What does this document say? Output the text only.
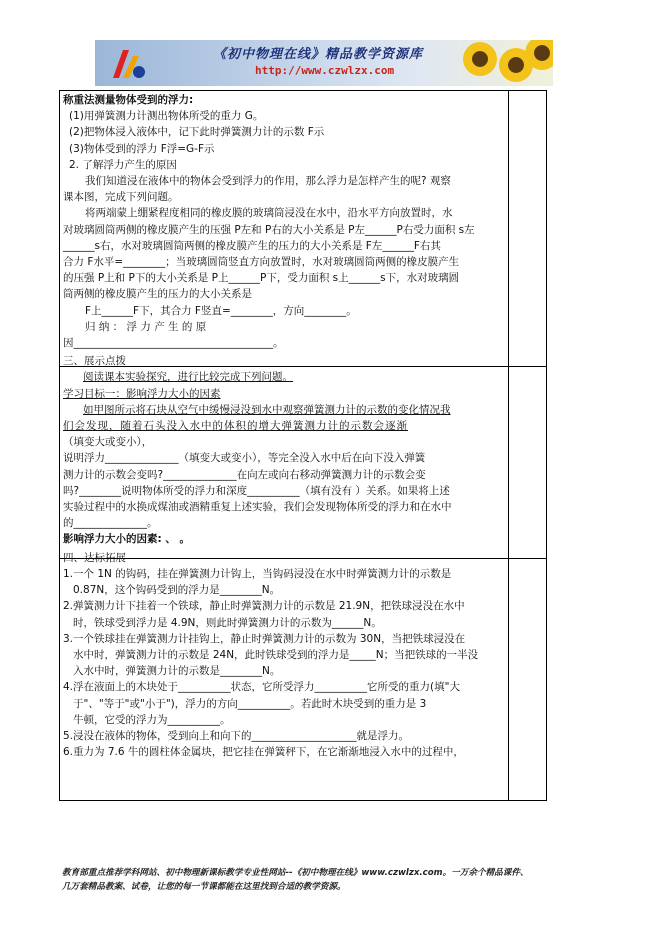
《初中物理在线》精品教学资源库
http://www.czwlzx.com

称重法测量物体受到的浮力:

(1)用弹簧测力计测出物体所受的重力 G。

(2)把物体浸入液体中，记下此时弹簧测力计的示数 F示

(3)物体受到的浮力 F浮=G-F示

2. 了解浮力产生的原因

我们知道浸在液体中的物体会受到浮力的作用，那么浮力是怎样产生的呢? 观察

课本图，完成下列问题。

将两端蒙上绷紧程度相同的橡皮膜的玻璃筒浸没在水中，沿水平方向放置时，水

对玻璃圆筒两侧的橡皮膜产生的压强 P左和 P右的大小关系是 P左______P右受力面积 s左

______s右，水对玻璃圆筒两侧的橡皮膜产生的压力的大小关系是 F左______F右其

合力 F水平=________；当玻璃圆筒竖直方向放置时，水对玻璃圆筒两侧的橡皮膜产生

的压强 P上和 P下的大小关系是 P上______P下，受力面积 s上______s下，水对玻璃圆

筒两侧的橡皮膜产生的压力的大小关系是

F上______F下，其合力 F竖直=________，方向________。

归 纳 ： 浮 力 产 生 的 原

因______________________________________。

三、展示点拨

阅读课本实验探究，进行比较完成下列问题。

学习目标一：影响浮力大小的因素

如甲图所示将石块从空气中缓慢浸没到水中观察弹簧测力计的示数的变化情况我

们会发现，随着石头没入水中的体积的增大弹簧测力计的示数会逐渐

（填变大或变小），

说明浮力______________（填变大或变小），等完全没入水中后在向下没入弹簧

测力计的示数会变吗?______________在向左或向右移动弹簧测力计的示数会变

吗?________说明物体所受的浮力和深度__________（填有没有 ）关系。如果将上述

实验过程中的水换成煤油或酒精重复上述实验，我们会发现物体所受的浮力和在水中

的______________。

影响浮力大小的因素: 、 。

四、达标拓展

1.一个 1N 的钩码，挂在弹簧测力计钩上，当钩码浸没在水中时弹簧测力计的示数是

0.87N，这个钩码受到的浮力是________N。

2.弹簧测力计下挂着一个铁球，静止时弹簧测力计的示数是 21.9N，把铁球浸没在水中

时，铁球受到浮力是 4.9N，则此时弹簧测力计的示数为______N。

3.一个铁球挂在弹簧测力计挂钩上，静止时弹簧测力计的示数为 30N，当把铁球浸没在

水中时，弹簧测力计的示数是 24N，此时铁球受到的浮力是_____N；当把铁球的一半没

入水中时，弹簧测力计的示数是________N。

4.浮在液面上的木块处于__________状态，它所受浮力__________它所受的重力(填"大

于"、"等于"或"小于")，浮力的方向__________。若此时木块受到的重力是 3

牛顿，它受的浮力为__________。

5.浸没在液体的物体，受到向上和向下的____________________就是浮力。

6.重力为 7.6 牛的圆柱体金属块，把它挂在弹簧秤下，在它渐渐地浸入水中的过程中，

教育部重点推荐学科网站、初中物理新课标教学专业性网站--《初中物理在线》www.czwlzx.com。一万余个精品课件、

几万套精品教案、试卷，让您的每一节课都能在这里找到合适的教学资源。
